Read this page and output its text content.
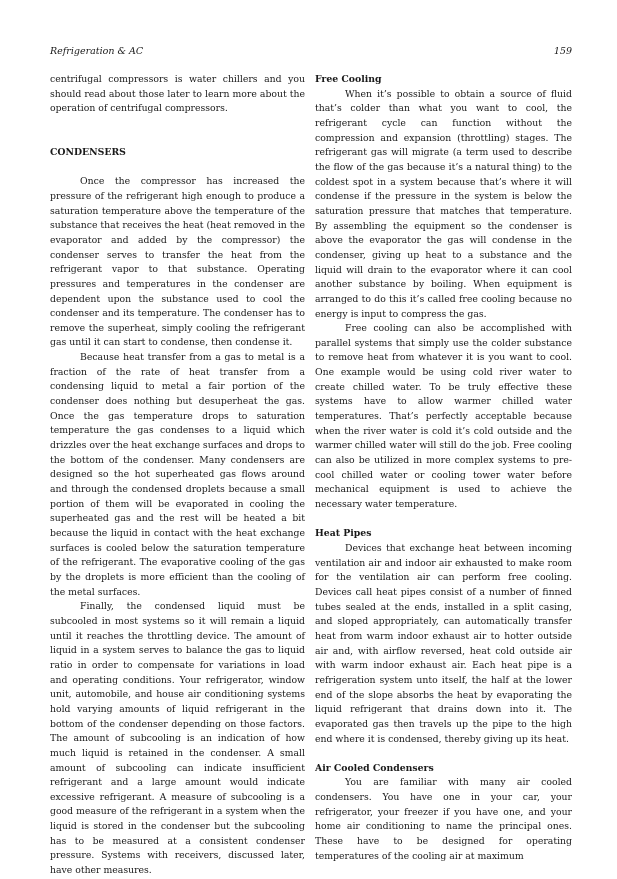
Refrigeration & AC	159

centrifugal compressors is water chillers and you should read about those later to learn more about the operation of centrifugal compressors.

CONDENSERS

Once the compressor has increased the pressure of the refrigerant high enough to produce a saturation temperature above the temperature of the substance that receives the heat (heat removed in the evaporator and added by the compressor) the condenser serves to transfer the heat from the refrigerant vapor to that substance. Operating pressures and temperatures in the condenser are dependent upon the substance used to cool the condenser and its temperature. The condenser has to remove the superheat, simply cooling the refrigerant gas until it can start to condense, then condense it.

Because heat transfer from a gas to metal is a fraction of the rate of heat transfer from a condensing liquid to metal a fair portion of the condenser does nothing but desuperheat the gas. Once the gas temperature drops to saturation temperature the gas condenses to a liquid which drizzles over the heat exchange surfaces and drops to the bottom of the condenser. Many condensers are designed so the hot superheated gas flows around and through the condensed droplets because a small portion of them will be evaporated in cooling the superheated gas and the rest will be heated a bit because the liquid in contact with the heat exchange surfaces is cooled below the saturation temperature of the refrigerant. The evaporative cooling of the gas by the droplets is more efficient than the cooling of the metal surfaces.

Finally, the condensed liquid must be subcooled in most systems so it will remain a liquid until it reaches the throttling device. The amount of liquid in a system serves to balance the gas to liquid ratio in order to compensate for variations in load and operating conditions. Your refrigerator, window unit, automobile, and house air conditioning systems hold varying amounts of liquid refrigerant in the bottom of the condenser depending on those factors. The amount of subcooling is an indication of how much liquid is retained in the condenser. A small amount of subcooling can indicate insufficient refrigerant and a large amount would indicate excessive refrigerant. A measure of subcooling is a good measure of the refrigerant in a system when the liquid is stored in the condenser but the subcooling has to be measured at a consistent condenser pressure. Systems with receivers, discussed later, have other measures.

Free Cooling

When it’s possible to obtain a source of fluid that’s colder than what you want to cool, the refrigerant cycle can function without the compression and expansion (throttling) stages. The refrigerant gas will migrate (a term used to describe the flow of the gas because it’s a natural thing) to the coldest spot in a system because that’s where it will condense if the pressure in the system is below the saturation pressure that matches that temperature. By assembling the equipment so the condenser is above the evaporator the gas will condense in the condenser, giving up heat to a substance and the liquid will drain to the evaporator where it can cool another substance by boiling. When equipment is arranged to do this it’s called free cooling because no energy is input to compress the gas.

Free cooling can also be accomplished with parallel systems that simply use the colder substance to remove heat from whatever it is you want to cool. One example would be using cold river water to create chilled water. To be truly effective these systems have to allow warmer chilled water temperatures. That’s perfectly acceptable because when the river water is cold it’s cold outside and the warmer chilled water will still do the job. Free cooling can also be utilized in more complex systems to pre-cool chilled water or cooling tower water before mechanical equipment is used to achieve the necessary water temperature.

Heat Pipes

Devices that exchange heat between incoming ventilation air and indoor air exhausted to make room for the ventilation air can perform free cooling. Devices call heat pipes consist of a number of finned tubes sealed at the ends, installed in a split casing, and sloped appropriately, can automatically transfer heat from warm indoor exhaust air to hotter outside air and, with airflow reversed, heat cold outside air with warm indoor exhaust air. Each heat pipe is a refrigeration system unto itself, the half at the lower end of the slope absorbs the heat by evaporating the liquid refrigerant that drains down into it. The evaporated gas then travels up the pipe to the high end where it is condensed, thereby giving up its heat.

Air Cooled Condensers

You are familiar with many air cooled condensers. You have one in your car, your refrigerator, your freezer if you have one, and your home air conditioning to name the principal ones. These have to be designed for operating temperatures of the cooling air at maximum
